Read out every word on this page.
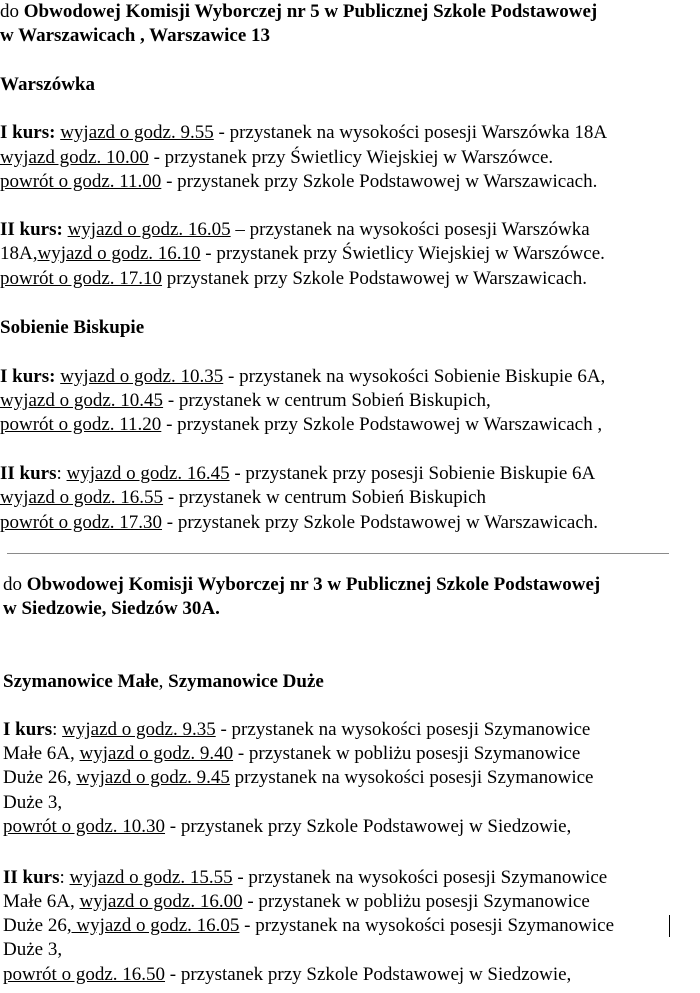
do Obwodowej Komisji Wyborczej nr 5 w Publicznej Szkole Podstawowej
w Warszawicach , Warszawice 13
Warszówka
I kurs: wyjazd o godz. 9.55 - przystanek na wysokości posesji Warszówka 18A
wyjazd godz. 10.00 - przystanek przy Świetlicy Wiejskiej w Warszówce.
powrót o godz. 11.00 - przystanek przy Szkole Podstawowej w Warszawicach.
II kurs: wyjazd o godz. 16.05 – przystanek na wysokości posesji Warszówka
18A,wyjazd o godz. 16.10 - przystanek przy Świetlicy Wiejskiej w Warszówce.
powrót o godz. 17.10 przystanek przy Szkole Podstawowej w Warszawicach.
Sobienie Biskupie
I kurs: wyjazd o godz. 10.35 - przystanek na wysokości Sobienie Biskupie 6A,
wyjazd o godz. 10.45 - przystanek w centrum Sobień Biskupich,
powrót o godz. 11.20 - przystanek przy Szkole Podstawowej w Warszawicach ,
II kurs: wyjazd o godz. 16.45 - przystanek przy posesji Sobienie Biskupie 6A
wyjazd o godz. 16.55 - przystanek w centrum Sobień Biskupich
powrót o godz. 17.30 - przystanek przy Szkole Podstawowej w Warszawicach.
do Obwodowej Komisji Wyborczej nr 3 w Publicznej Szkole Podstawowej
w Siedzowie, Siedzów 30A.
Szymanowice Małe, Szymanowice Duże
I kurs: wyjazd o godz. 9.35 - przystanek na wysokości posesji Szymanowice
Małe 6A, wyjazd o godz. 9.40 - przystanek w pobliżu posesji Szymanowice
Duże 26, wyjazd o godz. 9.45 przystanek na wysokości posesji Szymanowice
Duże 3,
powrót o godz. 10.30 - przystanek przy Szkole Podstawowej w Siedzowie,
II kurs: wyjazd o godz. 15.55 - przystanek na wysokości posesji Szymanowice
Małe 6A, wyjazd o godz. 16.00 - przystanek w pobliżu posesji Szymanowice
Duże 26, wyjazd o godz. 16.05 - przystanek na wysokości posesji Szymanowice
Duże 3,
powrót o godz. 16.50 - przystanek przy Szkole Podstawowej w Siedzowie,
